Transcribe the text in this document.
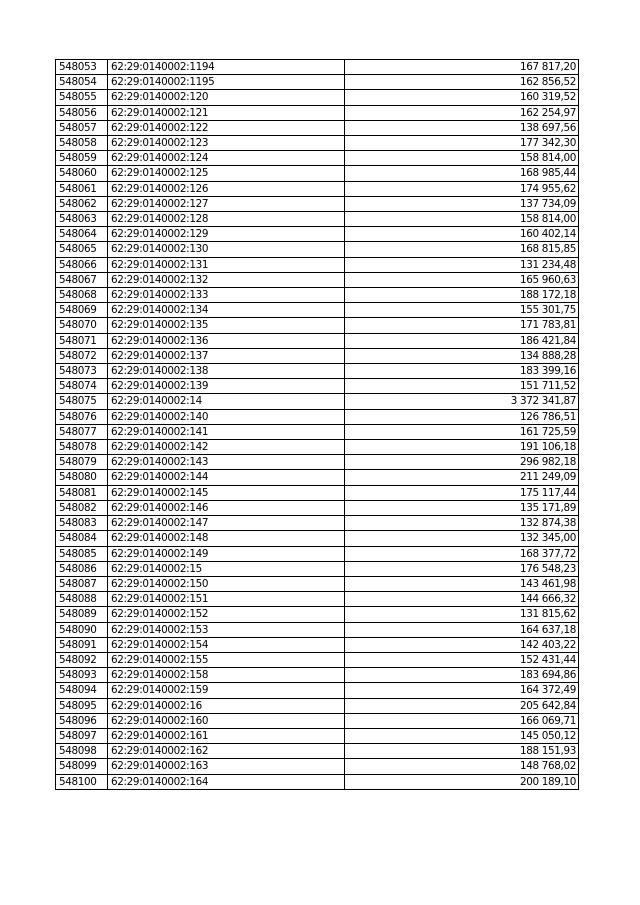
548053	62:29:0140002:1194	167 817,20
548054	62:29:0140002:1195	162 856,52
548055	62:29:0140002:120	160 319,52
548056	62:29:0140002:121	162 254,97
548057	62:29:0140002:122	138 697,56
548058	62:29:0140002:123	177 342,30
548059	62:29:0140002:124	158 814,00
548060	62:29:0140002:125	168 985,44
548061	62:29:0140002:126	174 955,62
548062	62:29:0140002:127	137 734,09
548063	62:29:0140002:128	158 814,00
548064	62:29:0140002:129	160 402,14
548065	62:29:0140002:130	168 815,85
548066	62:29:0140002:131	131 234,48
548067	62:29:0140002:132	165 960,63
548068	62:29:0140002:133	188 172,18
548069	62:29:0140002:134	155 301,75
548070	62:29:0140002:135	171 783,81
548071	62:29:0140002:136	186 421,84
548072	62:29:0140002:137	134 888,28
548073	62:29:0140002:138	183 399,16
548074	62:29:0140002:139	151 711,52
548075	62:29:0140002:14	3 372 341,87
548076	62:29:0140002:140	126 786,51
548077	62:29:0140002:141	161 725,59
548078	62:29:0140002:142	191 106,18
548079	62:29:0140002:143	296 982,18
548080	62:29:0140002:144	211 249,09
548081	62:29:0140002:145	175 117,44
548082	62:29:0140002:146	135 171,89
548083	62:29:0140002:147	132 874,38
548084	62:29:0140002:148	132 345,00
548085	62:29:0140002:149	168 377,72
548086	62:29:0140002:15	176 548,23
548087	62:29:0140002:150	143 461,98
548088	62:29:0140002:151	144 666,32
548089	62:29:0140002:152	131 815,62
548090	62:29:0140002:153	164 637,18
548091	62:29:0140002:154	142 403,22
548092	62:29:0140002:155	152 431,44
548093	62:29:0140002:158	183 694,86
548094	62:29:0140002:159	164 372,49
548095	62:29:0140002:16	205 642,84
548096	62:29:0140002:160	166 069,71
548097	62:29:0140002:161	145 050,12
548098	62:29:0140002:162	188 151,93
548099	62:29:0140002:163	148 768,02
548100	62:29:0140002:164	200 189,10
